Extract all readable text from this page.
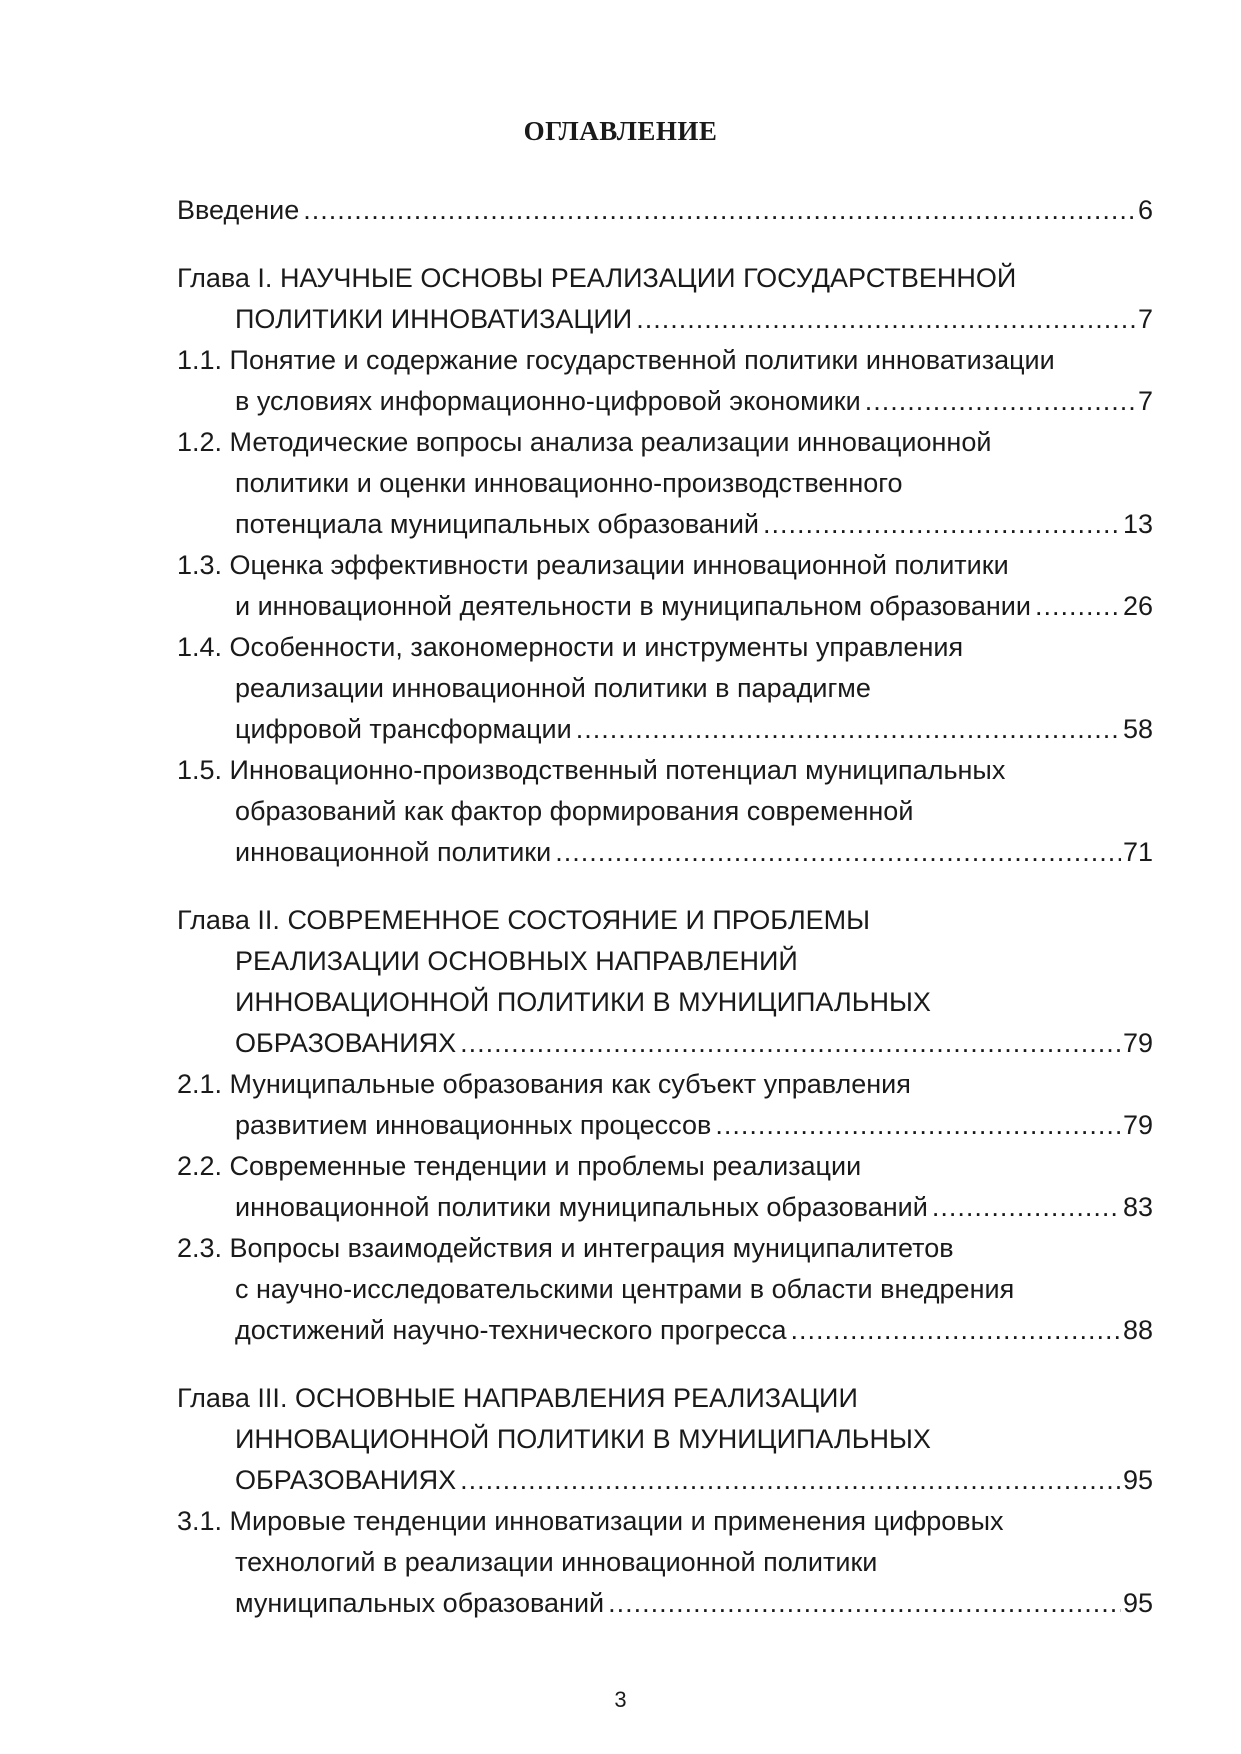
ОГЛАВЛЕНИЕ
Введение .....	6
Глава I. НАУЧНЫЕ ОСНОВЫ РЕАЛИЗАЦИИ ГОСУДАРСТВЕННОЙ
ПОЛИТИКИ ИННОВАТИЗАЦИИ .....	7
1.1. Понятие и содержание государственной политики инноватизации
в условиях информационно-цифровой экономики .....	7
1.2. Методические вопросы анализа реализации инновационной
политики и оценки инновационно-производственного
потенциала муниципальных образований .....	13
1.3. Оценка эффективности реализации инновационной политики
и инновационной деятельности в муниципальном образовании .....	26
1.4. Особенности, закономерности и инструменты управления
реализации инновационной политики в парадигме
цифровой трансформации .....	58
1.5. Инновационно-производственный потенциал муниципальных
образований как фактор формирования современной
инновационной политики .....	71
Глава II. СОВРЕМЕННОЕ СОСТОЯНИЕ И ПРОБЛЕМЫ
РЕАЛИЗАЦИИ ОСНОВНЫХ НАПРАВЛЕНИЙ
ИННОВАЦИОННОЙ ПОЛИТИКИ В МУНИЦИПАЛЬНЫХ
ОБРАЗОВАНИЯХ .....	79
2.1. Муниципальные образования как субъект управления
развитием инновационных процессов .....	79
2.2. Современные тенденции и проблемы реализации
инновационной политики муниципальных образований .....	83
2.3. Вопросы взаимодействия и интеграция муниципалитетов
с научно-исследовательскими центрами в области внедрения
достижений научно-технического прогресса .....	88
Глава III. ОСНОВНЫЕ НАПРАВЛЕНИЯ РЕАЛИЗАЦИИ
ИННОВАЦИОННОЙ ПОЛИТИКИ В МУНИЦИПАЛЬНЫХ
ОБРАЗОВАНИЯХ .....	95
3.1. Мировые тенденции инноватизации и применения цифровых
технологий в реализации инновационной политики
муниципальных образований .....	95
3
